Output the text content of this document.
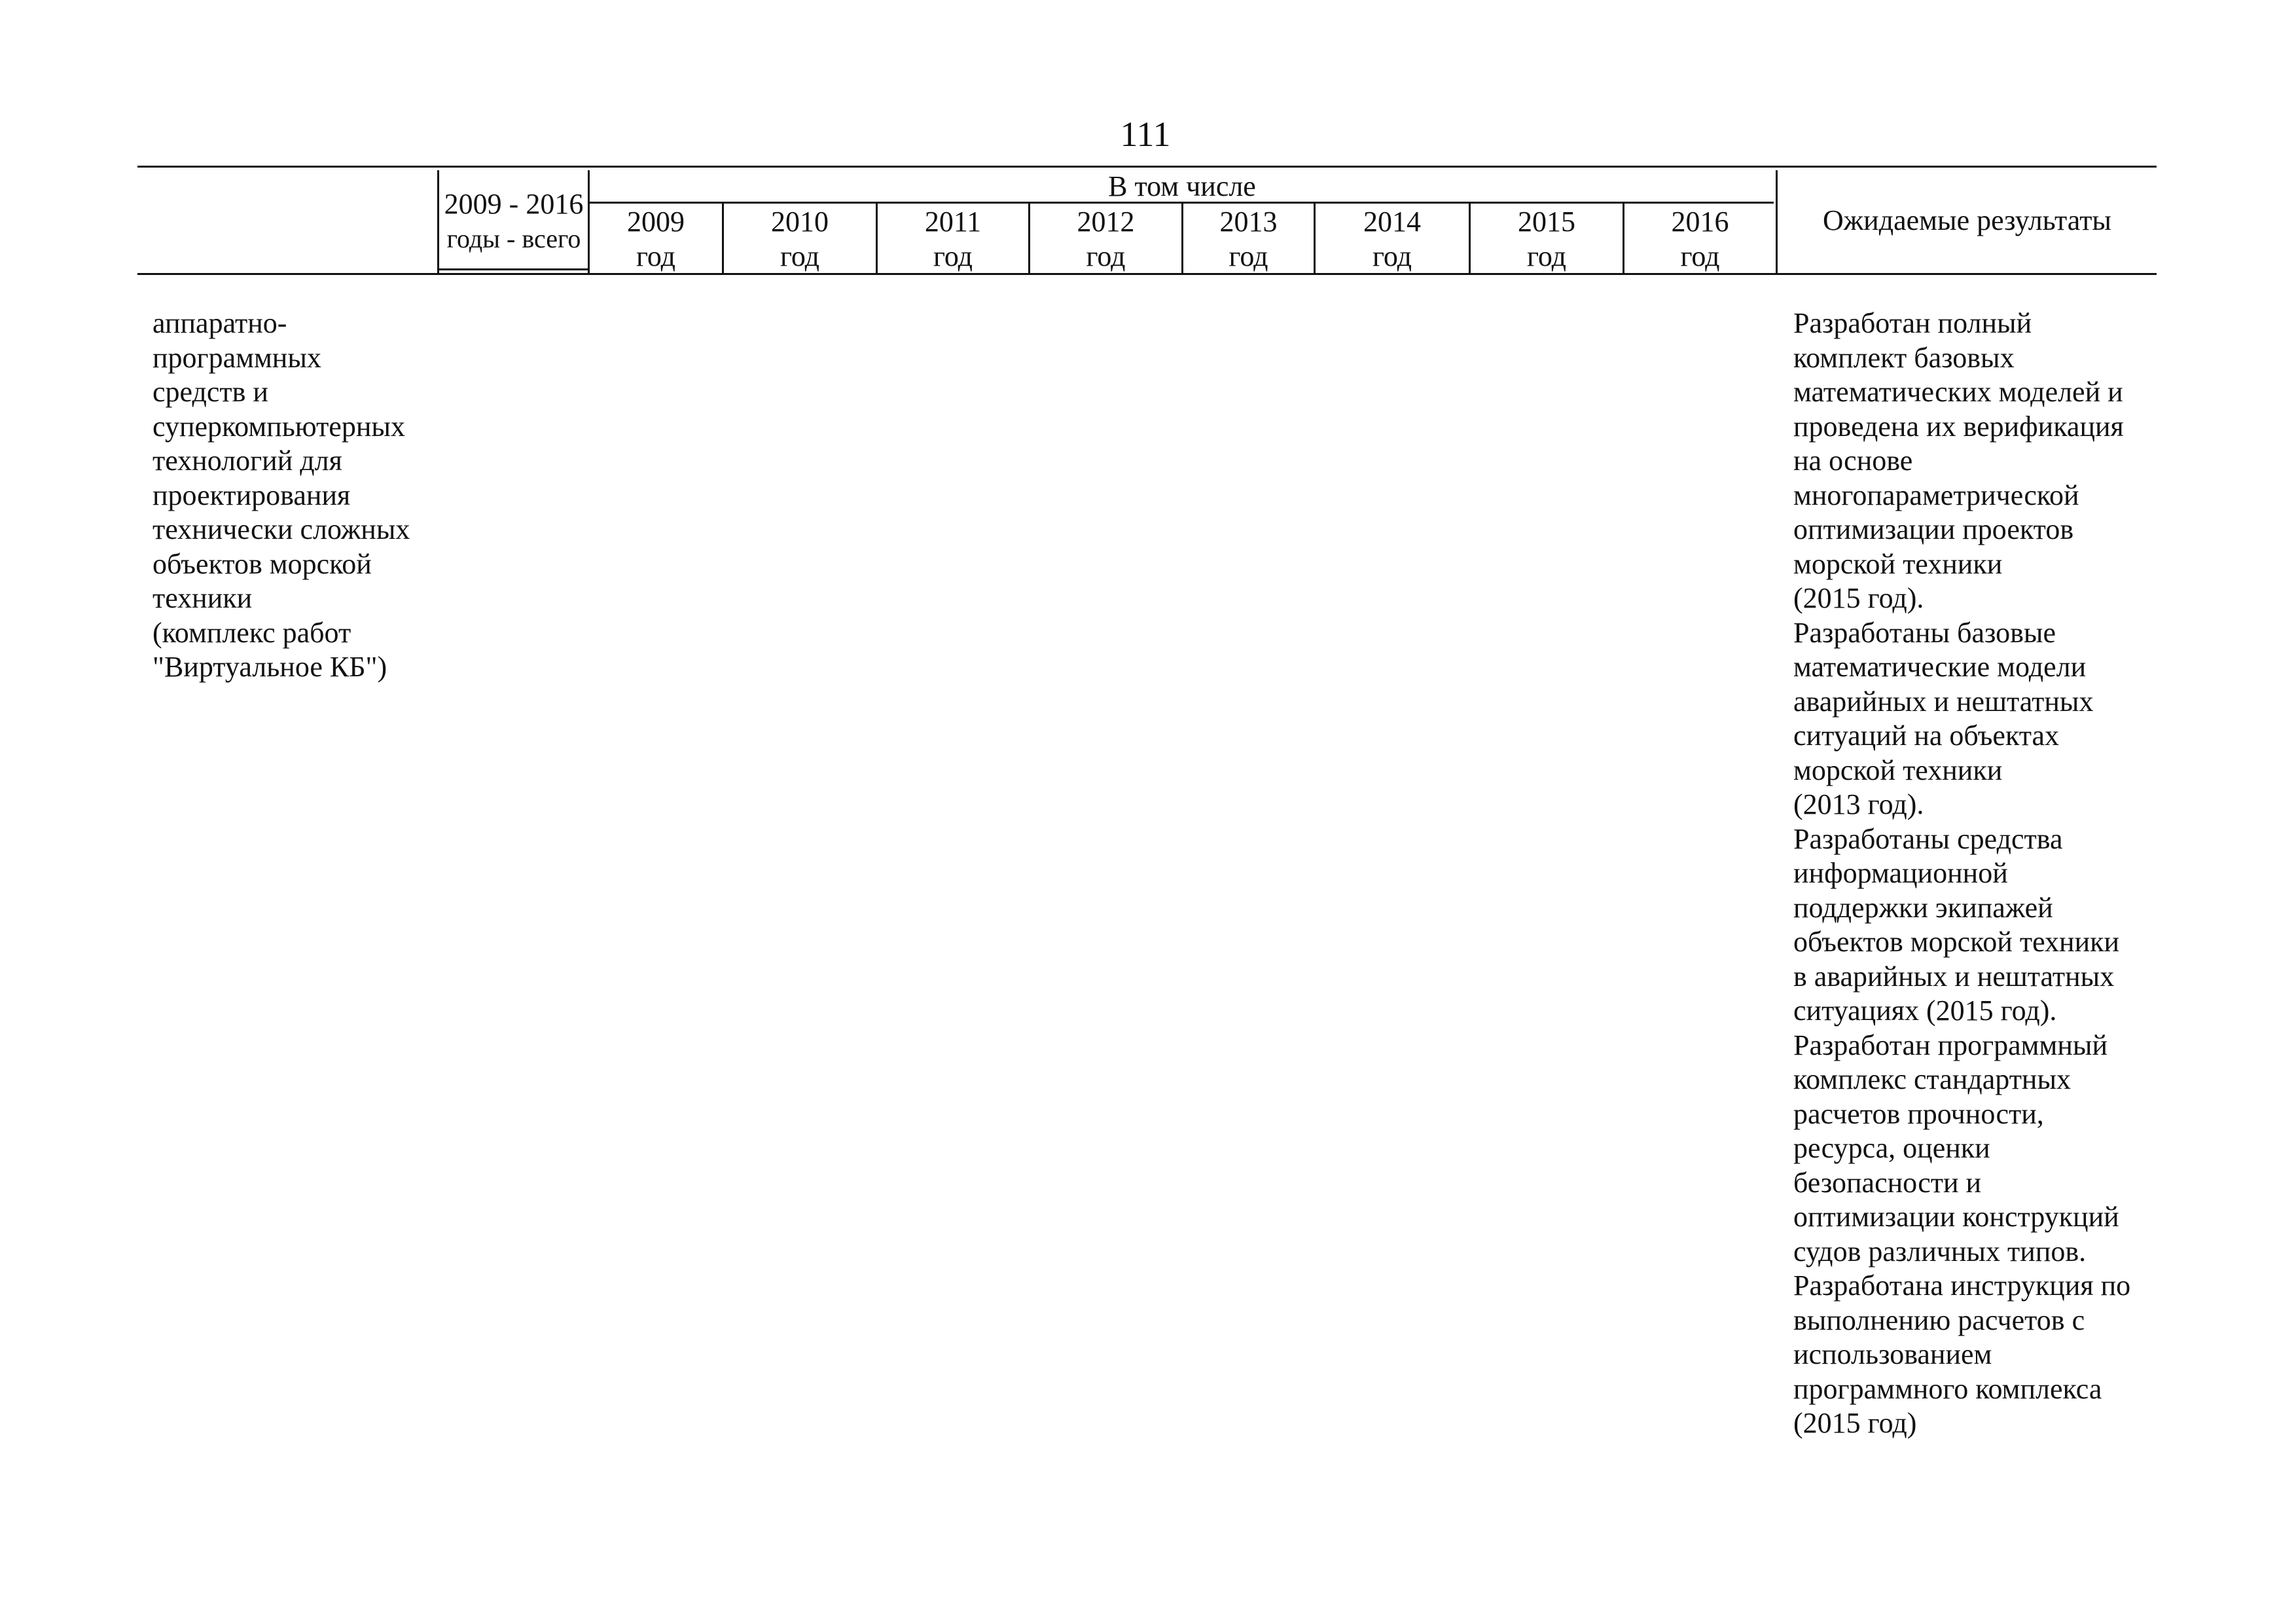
111
2009 - 2016
годы - всего
В том числе
2009
год
2010
год
2011
год
2012
год
2013
год
2014
год
2015
год
2016
год
Ожидаемые результаты
аппаратно-
программных
средств и
суперкомпьютерных
технологий для
проектирования
технически сложных
объектов морской
техники
(комплекс работ
"Виртуальное КБ")
Разработан полный
комплект базовых
математических моделей и
проведена их верификация
на основе
многопараметрической
оптимизации проектов
морской техники
(2015 год).
Разработаны базовые
математические модели
аварийных и нештатных
ситуаций на объектах
морской техники
(2013 год).
Разработаны средства
информационной
поддержки экипажей
объектов морской техники
в аварийных и нештатных
ситуациях (2015 год).
Разработан программный
комплекс стандартных
расчетов прочности,
ресурса, оценки
безопасности и
оптимизации конструкций
судов различных типов.
Разработана инструкция по
выполнению расчетов с
использованием
программного комплекса
(2015 год)
